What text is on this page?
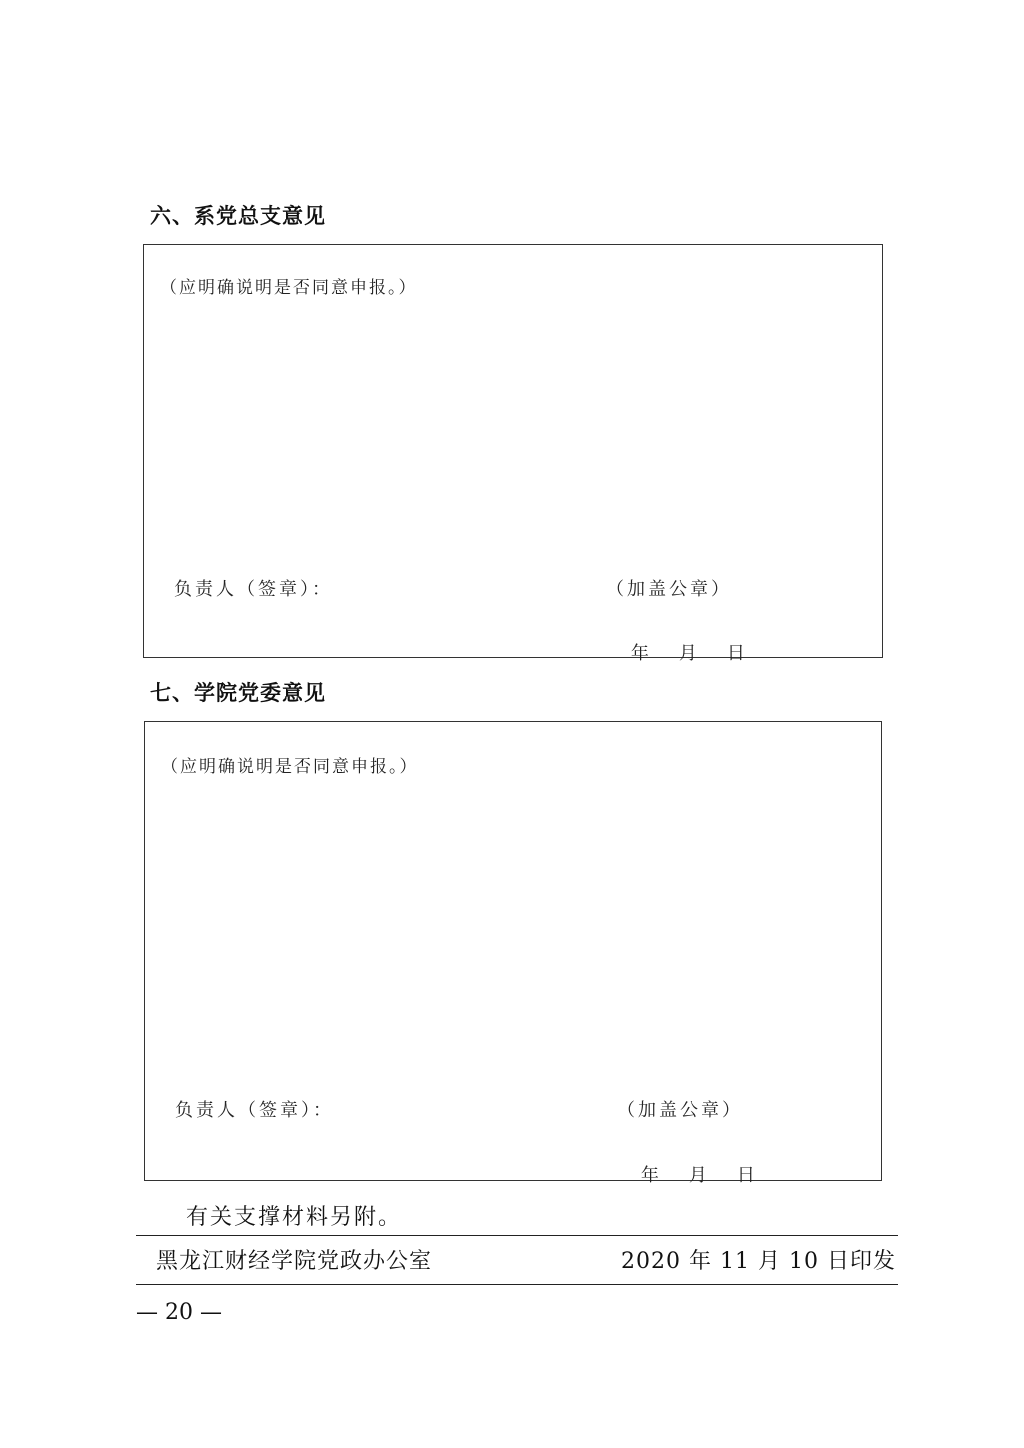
六、系党总支意见
（应明确说明是否同意申报。）
负责人（签章）：	（加盖公章）

年 月 日

七、学院党委意见
（应明确说明是否同意申报。）
负责人（签章）：	（加盖公章）

年 月 日

有关支撑材料另附。
黑龙江财经学院党政办公室	2020 年 11 月 10 日印发
— 20 —
